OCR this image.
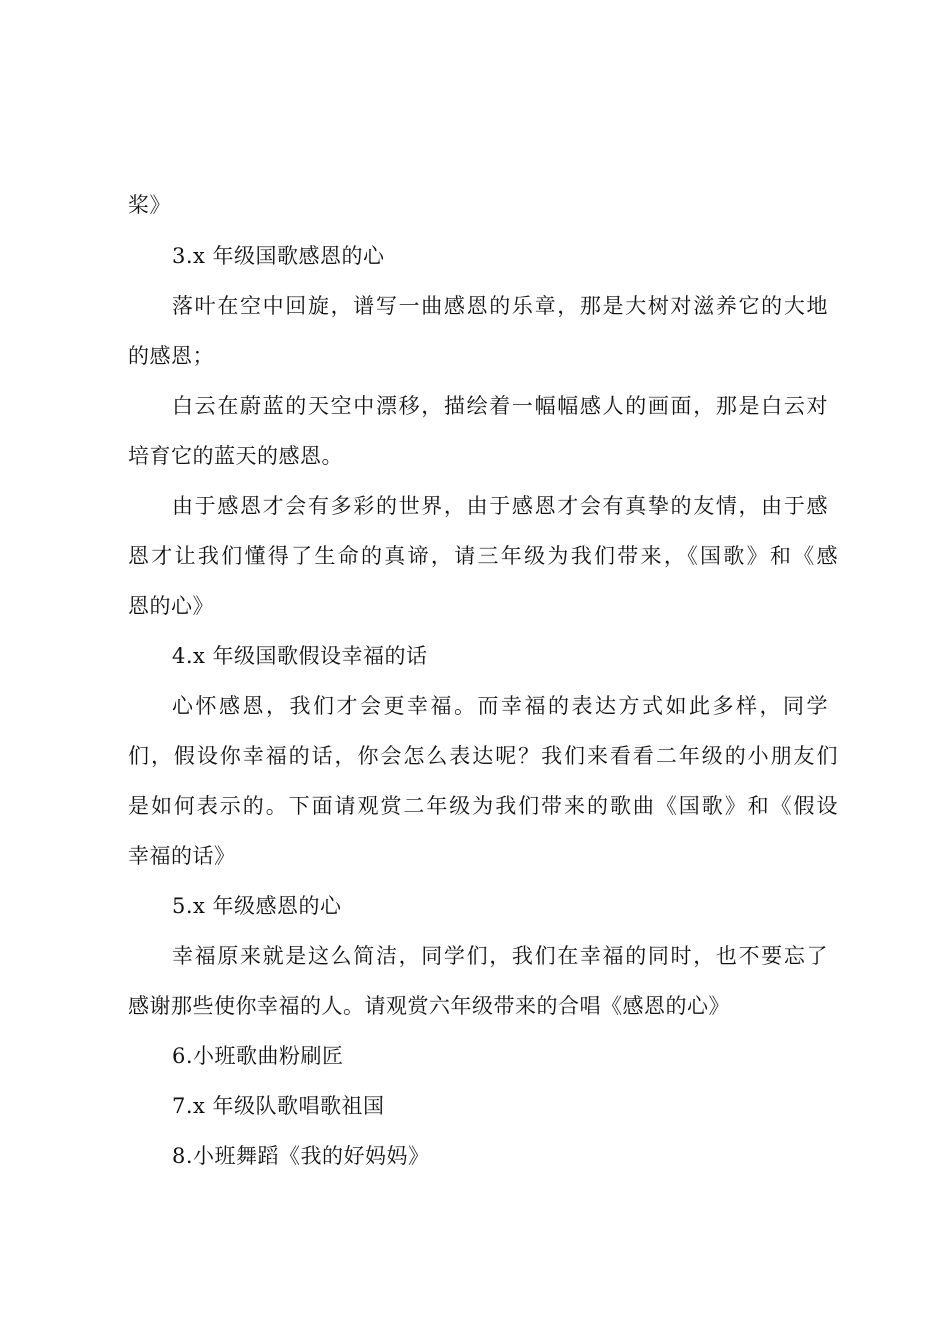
桨》
3.x 年级国歌感恩的心
落叶在空中回旋，谱写一曲感恩的乐章，那是大树对滋养它的大地
的感恩；
白云在蔚蓝的天空中漂移，描绘着一幅幅感人的画面，那是白云对
培育它的蓝天的感恩。
由于感恩才会有多彩的世界，由于感恩才会有真挚的友情，由于感
恩才让我们懂得了生命的真谛，请三年级为我们带来，《国歌》和《感
恩的心》
4.x 年级国歌假设幸福的话
心怀感恩，我们才会更幸福。而幸福的表达方式如此多样，同学
们，假设你幸福的话，你会怎么表达呢？我们来看看二年级的小朋友们
是如何表示的。下面请观赏二年级为我们带来的歌曲《国歌》和《假设
幸福的话》
5.x 年级感恩的心
幸福原来就是这么简洁，同学们，我们在幸福的同时，也不要忘了
感谢那些使你幸福的人。请观赏六年级带来的合唱《感恩的心》
6.小班歌曲粉刷匠
7.x 年级队歌唱歌祖国
8.小班舞蹈《我的好妈妈》
